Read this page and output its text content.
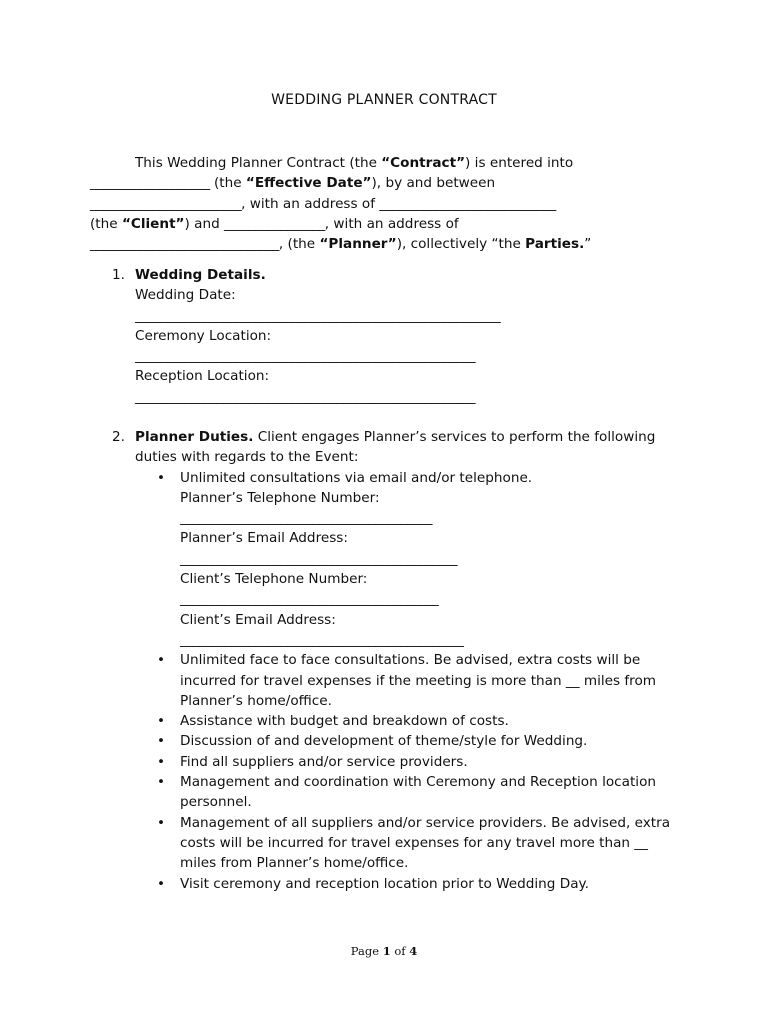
WEDDING PLANNER CONTRACT

This Wedding Planner Contract (the “Contract”) is entered into

___________________ (the “Effective Date”), by and between

________________________, with an address of ____________________________

(the “Client”) and ________________, with an address of

______________________________, (the “Planner”), collectively “the Parties.”

1. Wedding Details.
Wedding Date:
__________________________________________________________
Ceremony Location:
______________________________________________________
Reception Location:
______________________________________________________
2. Planner Duties. Client engages Planner’s services to perform the following
duties with regards to the Event:
• Unlimited consultations via email and/or telephone.
Planner’s Telephone Number:
________________________________________
Planner’s Email Address:
____________________________________________
Client’s Telephone Number:
_________________________________________
Client’s Email Address:
_____________________________________________
• Unlimited face to face consultations. Be advised, extra costs will be
incurred for travel expenses if the meeting is more than __ miles from
Planner’s home/office.
• Assistance with budget and breakdown of costs.
• Discussion of and development of theme/style for Wedding.
• Find all suppliers and/or service providers.
• Management and coordination with Ceremony and Reception location
personnel.
• Management of all suppliers and/or service providers. Be advised, extra
costs will be incurred for travel expenses for any travel more than __
miles from Planner’s home/office.
• Visit ceremony and reception location prior to Wedding Day.
Page 1 of 4
